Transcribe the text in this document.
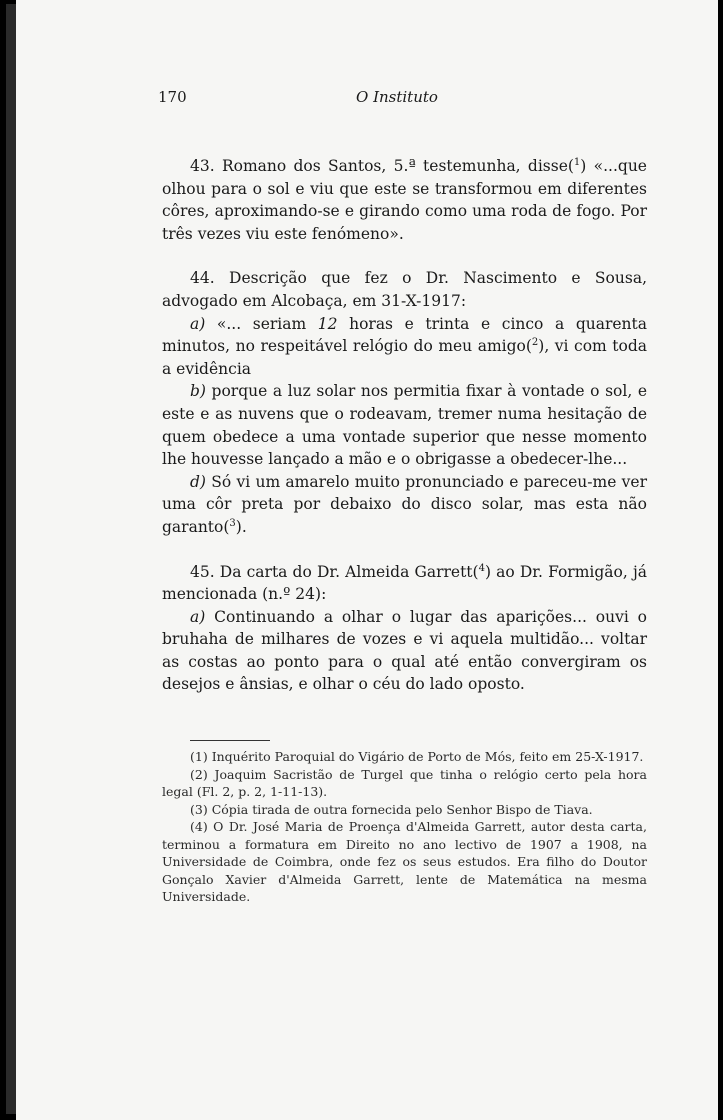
170	O Instituto

43. Romano dos Santos, 5.ª testemunha, disse($^1$) «...que olhou para o sol e viu que este se transformou em diferentes côres, aproximando-se e girando como uma roda de fogo. Por três vezes viu este fenómeno».

44. Descrição que fez o Dr. Nascimento e Sousa, advogado em Alcobaça, em 31-X-1917:

a) «... seriam 12 horas e trinta e cinco a quarenta minutos, no respeitável relógio do meu amigo($^2$), vi com toda a evidência

b) porque a luz solar nos permitia fixar à vontade o sol, e este e as nuvens que o rodeavam, tremer numa hesitação de quem obedece a uma vontade superior que nesse momento lhe houvesse lançado a mão e o obrigasse a obedecer-lhe...

d) Só vi um amarelo muito pronunciado e pareceu-me ver uma côr preta por debaixo do disco solar, mas esta não garanto($^3$).

45. Da carta do Dr. Almeida Garrett($^4$) ao Dr. Formigão, já mencionada (n.º 24):

a) Continuando a olhar o lugar das aparições... ouvi o bruhaha de milhares de vozes e vi aquela multidão... voltar as costas ao ponto para o qual até então convergiram os desejos e ânsias, e olhar o céu do lado oposto.

(1) Inquérito Paroquial do Vigário de Porto de Mós, feito em 25-X-1917.

(2) Joaquim Sacristão de Turgel que tinha o relógio certo pela hora legal (Fl. 2, p. 2, 1-11-13).

(3) Cópia tirada de outra fornecida pelo Senhor Bispo de Tiava.

(4) O Dr. José Maria de Proença d'Almeida Garrett, autor desta carta, terminou a formatura em Direito no ano lectivo de 1907 a 1908, na Universidade de Coimbra, onde fez os seus estudos. Era filho do Doutor Gonçalo Xavier d'Almeida Garrett, lente de Matemática na mesma Universidade.
